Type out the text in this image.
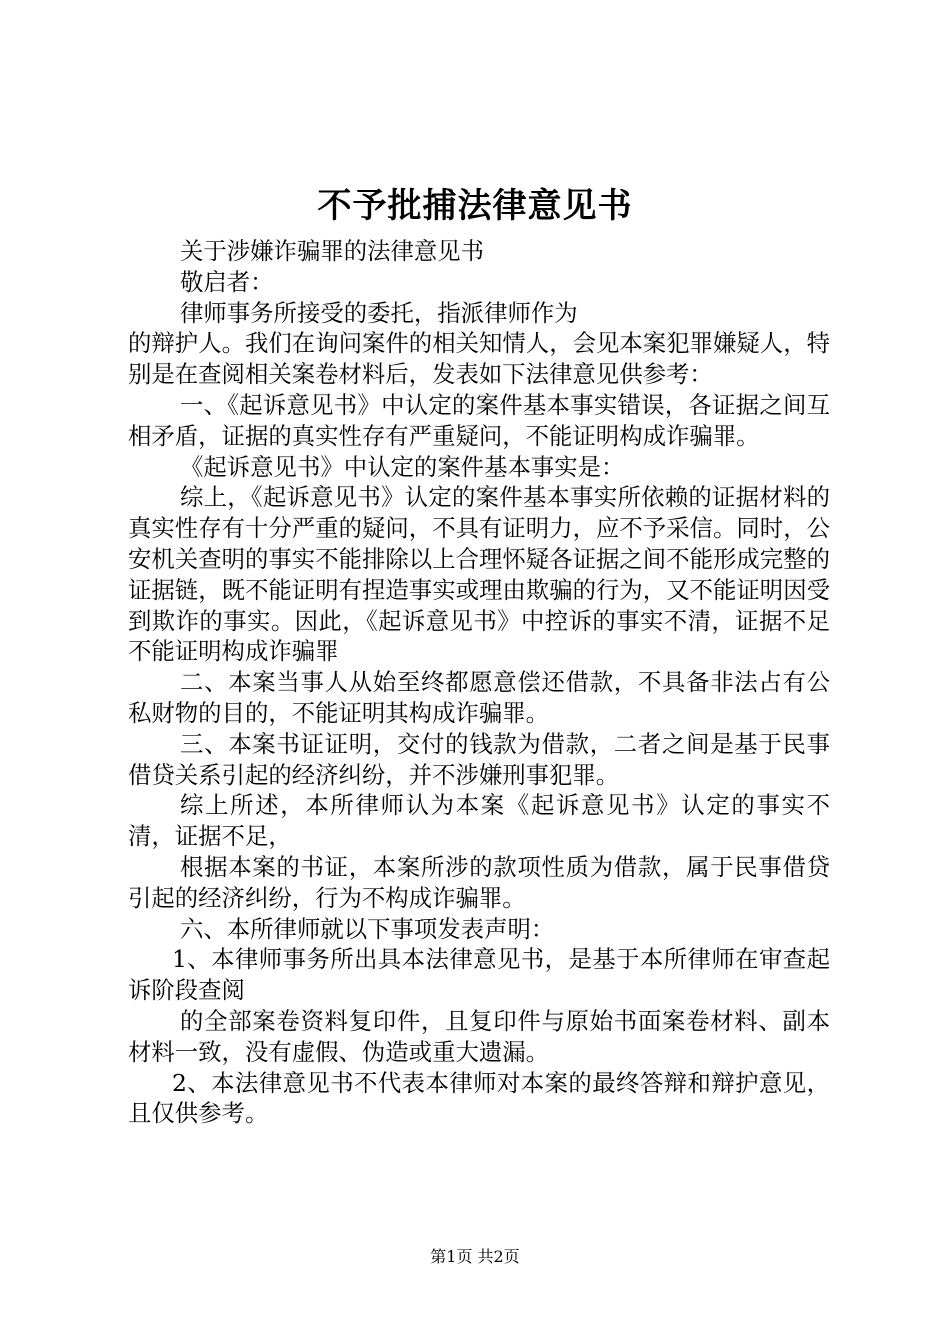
不予批捕法律意见书

关于涉嫌诈骗罪的法律意见书

敬启者：

律师事务所接受的委托，指派律师作为

的辩护人。我们在询问案件的相关知情人，会见本案犯罪嫌疑人，特别是在查阅相关案卷材料后，发表如下法律意见供参考：

一、《起诉意见书》中认定的案件基本事实错误，各证据之间互相矛盾，证据的真实性存有严重疑问，不能证明构成诈骗罪。

《起诉意见书》中认定的案件基本事实是：

综上，《起诉意见书》认定的案件基本事实所依赖的证据材料的真实性存有十分严重的疑问，不具有证明力，应不予采信。同时，公安机关查明的事实不能排除以上合理怀疑各证据之间不能形成完整的证据链，既不能证明有捏造事实或理由欺骗的行为，又不能证明因受到欺诈的事实。因此，《起诉意见书》中控诉的事实不清，证据不足不能证明构成诈骗罪

二、本案当事人从始至终都愿意偿还借款，不具备非法占有公私财物的目的，不能证明其构成诈骗罪。

三、本案书证证明，交付的钱款为借款，二者之间是基于民事借贷关系引起的经济纠纷，并不涉嫌刑事犯罪。

综上所述，本所律师认为本案《起诉意见书》认定的事实不清，证据不足，

根据本案的书证，本案所涉的款项性质为借款，属于民事借贷引起的经济纠纷，行为不构成诈骗罪。

六、本所律师就以下事项发表声明：

1、本律师事务所出具本法律意见书，是基于本所律师在审查起诉阶段查阅

的全部案卷资料复印件，且复印件与原始书面案卷材料、副本材料一致，没有虚假、伪造或重大遗漏。

2、本法律意见书不代表本律师对本案的最终答辩和辩护意见，且仅供参考。

第1页 共2页
